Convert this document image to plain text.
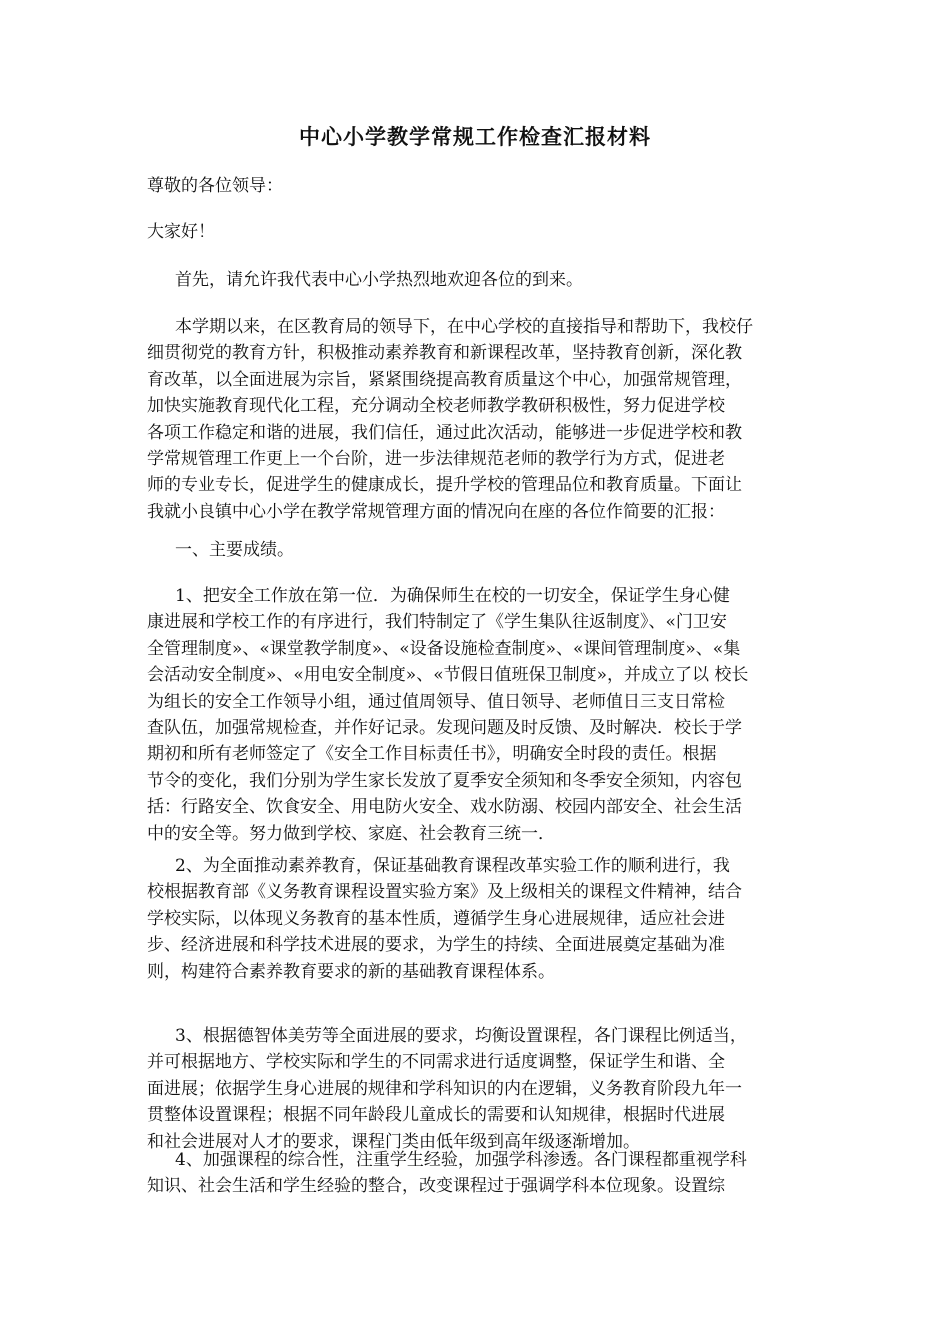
中心小学教学常规工作检查汇报材料

尊敬的各位领导：

大家好！

首先，请允许我代表中心小学热烈地欢迎各位的到来。

本学期以来，在区教育局的领导下，在中心学校的直接指导和帮助下，我校仔
细贯彻党的教育方针，积极推动素养教育和新课程改革，坚持教育创新，深化教
育改革，以全面进展为宗旨，紧紧围绕提高教育质量这个中心，加强常规管理，
加快实施教育现代化工程，充分调动全校老师教学教研积极性，努力促进学校
各项工作稳定和谐的进展，我们信任，通过此次活动，能够进一步促进学校和教
学常规管理工作更上一个台阶，进一步法律规范老师的教学行为方式，促进老
师的专业专长，促进学生的健康成长，提升学校的管理品位和教育质量。下面让
我就小良镇中心小学在教学常规管理方面的情况向在座的各位作简要的汇报：

一、主要成绩。

1、把安全工作放在第一位．为确保师生在校的一切安全，保证学生身心健
康进展和学校工作的有序进行，我们特制定了《学生集队往返制度》、«门卫安
全管理制度»、«课堂教学制度»、«设备设施检查制度»、«课间管理制度»、«集
会活动安全制度»、«用电安全制度»、«节假日值班保卫制度»，并成立了以 校长
为组长的安全工作领导小组，通过值周领导、值日领导、老师值日三支日常检
查队伍，加强常规检查，并作好记录。发现问题及时反馈、及时解决．校长于学
期初和所有老师签定了《安全工作目标责任书》，明确安全时段的责任。根据
节令的变化，我们分别为学生家长发放了夏季安全须知和冬季安全须知，内容包
括：行路安全、饮食安全、用电防火安全、戏水防溺、校园内部安全、社会生活
中的安全等。努力做到学校、家庭、社会教育三统一．
2、为全面推动素养教育，保证基础教育课程改革实验工作的顺利进行，我
校根据教育部《义务教育课程设置实验方案》及上级相关的课程文件精神，结合
学校实际，以体现义务教育的基本性质，遵循学生身心进展规律，适应社会进
步、经济进展和科学技术进展的要求，为学生的持续、全面进展奠定基础为准
则，构建符合素养教育要求的新的基础教育课程体系。
3、根据德智体美劳等全面进展的要求，均衡设置课程，各门课程比例适当，
并可根据地方、学校实际和学生的不同需求进行适度调整，保证学生和谐、全
面进展；依据学生身心进展的规律和学科知识的内在逻辑，义务教育阶段九年一
贯整体设置课程；根据不同年龄段儿童成长的需要和认知规律，根据时代进展
和社会进展对人才的要求，课程门类由低年级到高年级逐渐增加。
4、加强课程的综合性，注重学生经验，加强学科渗透。各门课程都重视学科
知识、社会生活和学生经验的整合，改变课程过于强调学科本位现象。设置综
